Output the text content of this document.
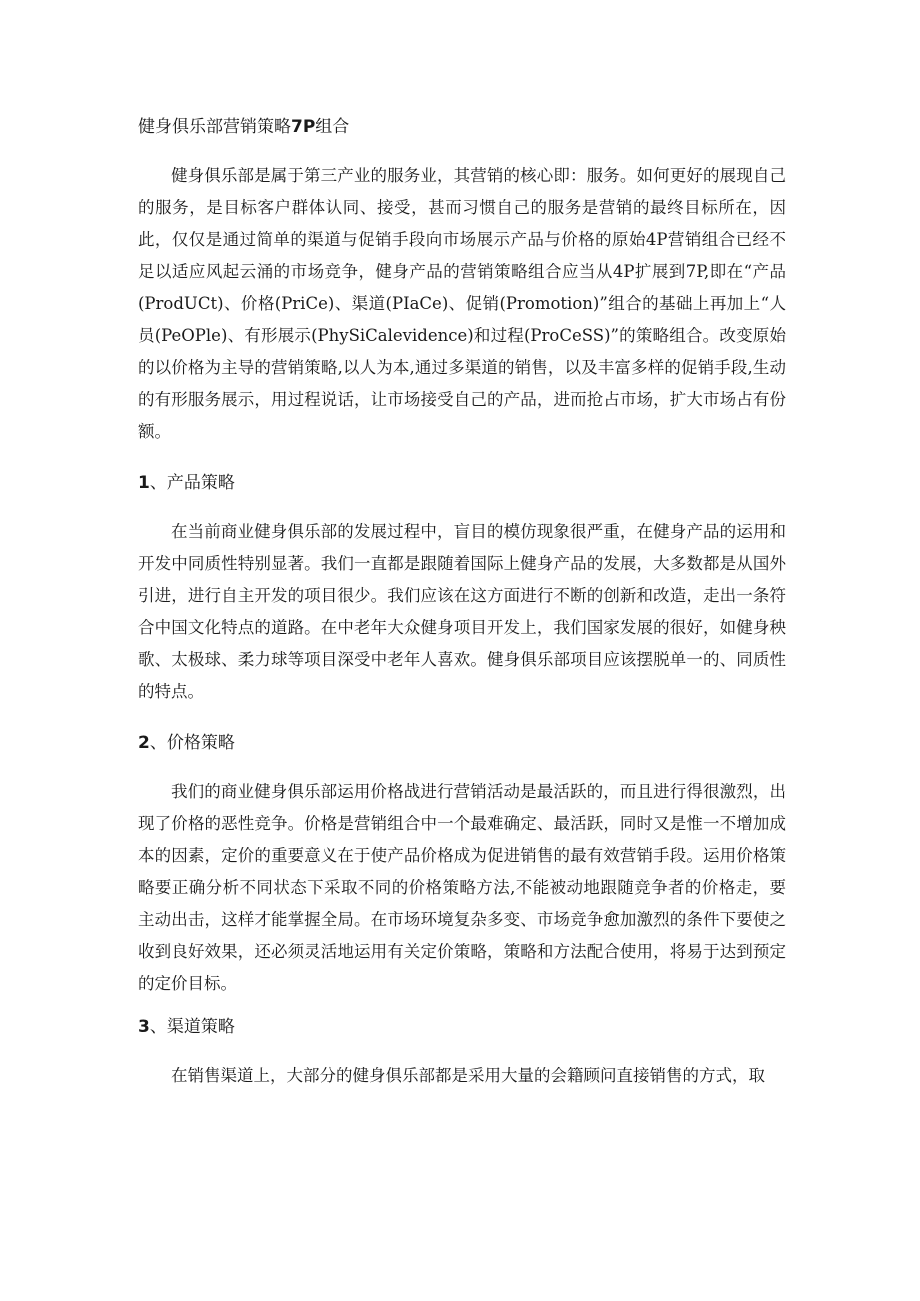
健身俱乐部营销策略7P组合

健身俱乐部是属于第三产业的服务业，其营销的核心即：服务。如何更好的展现自己的服务，是目标客户群体认同、接受，甚而习惯自己的服务是营销的最终目标所在，因此，仅仅是通过简单的渠道与促销手段向市场展示产品与价格的原始4P营销组合已经不足以适应风起云涌的市场竞争，健身产品的营销策略组合应当从4P扩展到7P,即在“产品(ProdUCt)、价格(PriCe)、渠道(PIaCe)、促销(Promotion)”组合的基础上再加上“人员(PeOPle)、有形展示(PhySiCalevidence)和过程(ProCeSS)”的策略组合。改变原始的以价格为主导的营销策略,以人为本,通过多渠道的销售，以及丰富多样的促销手段,生动的有形服务展示，用过程说话，让市场接受自己的产品，进而抢占市场，扩大市场占有份额。

1、产品策略

在当前商业健身俱乐部的发展过程中，盲目的模仿现象很严重，在健身产品的运用和开发中同质性特别显著。我们一直都是跟随着国际上健身产品的发展，大多数都是从国外引进，进行自主开发的项目很少。我们应该在这方面进行不断的创新和改造，走出一条符合中国文化特点的道路。在中老年大众健身项目开发上，我们国家发展的很好，如健身秧歌、太极球、柔力球等项目深受中老年人喜欢。健身俱乐部项目应该摆脱单一的、同质性的特点。

2、价格策略

我们的商业健身俱乐部运用价格战进行营销活动是最活跃的，而且进行得很激烈，出现了价格的恶性竞争。价格是营销组合中一个最难确定、最活跃，同时又是惟一不增加成本的因素，定价的重要意义在于使产品价格成为促进销售的最有效营销手段。运用价格策略要正确分析不同状态下采取不同的价格策略方法,不能被动地跟随竞争者的价格走，要主动出击，这样才能掌握全局。在市场环境复杂多变、市场竞争愈加激烈的条件下要使之收到良好效果，还必须灵活地运用有关定价策略，策略和方法配合使用，将易于达到预定的定价目标。

3、渠道策略

在销售渠道上，大部分的健身俱乐部都是采用大量的会籍顾问直接销售的方式，取
